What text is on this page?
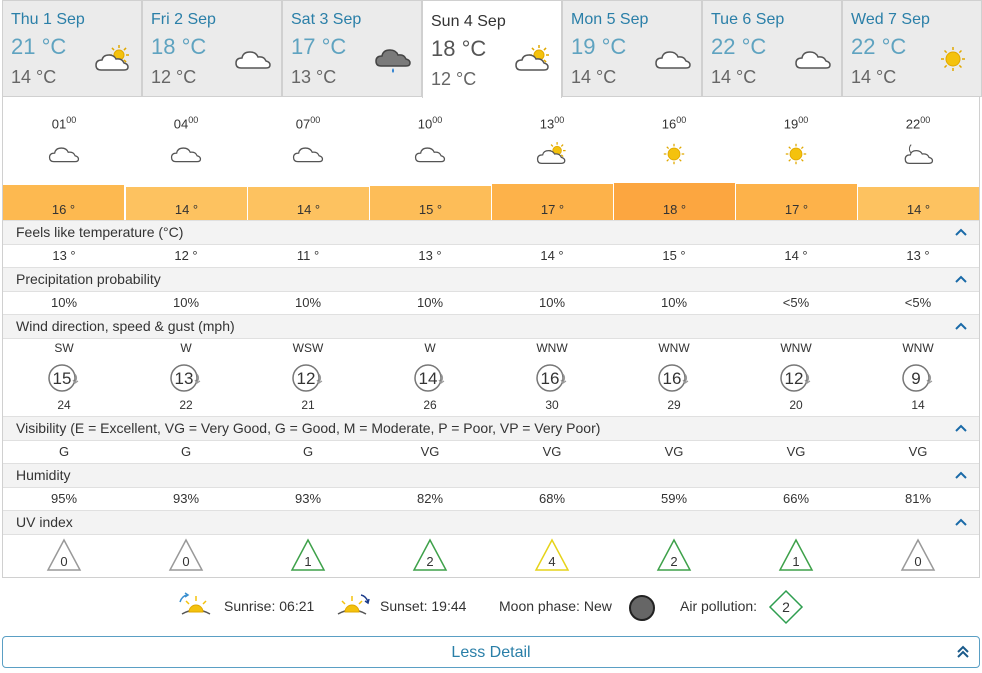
Thu 1 Sep
21 °C
14 °C
Fri 2 Sep
18 °C
12 °C
Sat 3 Sep
17 °C
13 °C
Sun 4 Sep
18 °C
12 °C
Mon 5 Sep
19 °C
14 °C
Tue 6 Sep
22 °C
14 °C
Wed 7 Sep
22 °C
14 °C
$01^{00}$
16 °
$04^{00}$
14 °
$07^{00}$
14 °
$10^{00}$
15 °
$13^{00}$
17 °
$16^{00}$
18 °
$19^{00}$
17 °
$22^{00}$
14 °
Feels like temperature (°C)
13 °	12 °	11 °	13 °	14 °	15 °	14 °	13 °
Precipitation probability
10%	10%	10%	10%	10%	10%	<5%	<5%
Wind direction, speed & gust (mph)
SW
15
24
W
13
22
WSW
12
21
W
14
26
WNW
16
30
WNW
16
29
WNW
12
20
WNW
9
14
Visibility (E = Excellent, VG = Very Good, G = Good, M = Moderate, P = Poor, VP = Very Poor)
G	G	G	VG	VG	VG	VG	VG
Humidity
95%	93%	93%	82%	68%	59%	66%	81%
UV index
0	0	1	2	4	2	1	0
Sunrise: 06:21	Sunset: 19:44 Moon phase: New	Air pollution: 2
Less Detail
